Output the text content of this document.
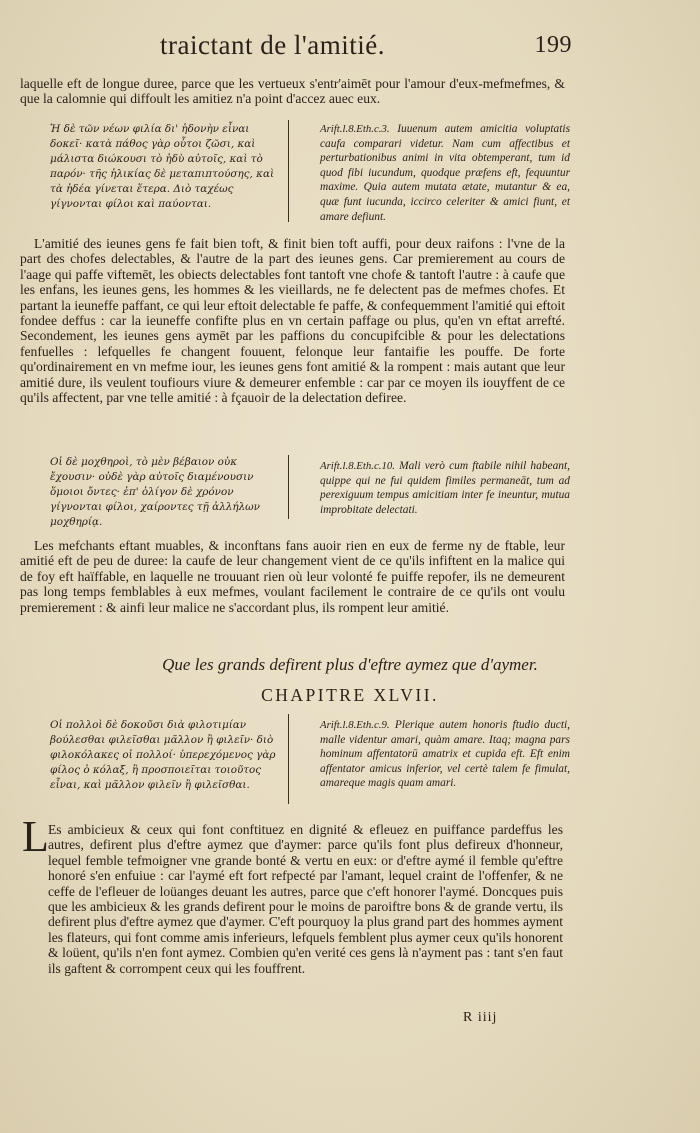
traictant de l'amitié.	199

laquelle eft de longue duree, parce que les vertueux s'entr'aimēt pour l'amour d'eux-mefmefmes, & que la calomnie qui diffoult les amitiez n'a point d'accez auec eux.

Ἡ δὲ τῶν νέων φιλία δι' ἡδονὴν εἶναι δοκεῖ· κατὰ πάθος γὰρ οὗτοι ζῶσι, καὶ μάλιστα διώκουσι τὸ ἡδὺ αὐτοῖς, καὶ τὸ παρόν· τῆς ἡλικίας δὲ μεταπιπτούσης, καὶ τὰ ἡδέα γίνεται ἕτερα. Διὸ ταχέως γίγνονται φίλοι καὶ παύονται.

Arift.l.8.Eth.c.3. Iuuenum autem amicitia voluptatis caufa comparari videtur. Nam cum affectibus et perturbationibus animi in vita obtemperant, tum id quod fibi iucundum, quodque præfens eft, fequuntur maxime. Quia autem mutata ætate, mutantur & ea, quæ funt iucunda, iccirco celeriter & amici fiunt, et amare defiunt.

L'amitié des ieunes gens fe fait bien toft, & finit bien toft auffi, pour deux raifons : l'vne de la part des chofes delectables, & l'autre de la part des ieunes gens. Car premierement au cours de l'aage qui paffe viftemēt, les obiects delectables font tantoft vne chofe & tantoft l'autre : à caufe que les enfans, les ieunes gens, les hommes & les vieillards, ne fe delectent pas de mefmes chofes. Et partant la ieuneffe paffant, ce qui leur eftoit delectable fe paffe, & confequemment l'amitié qui eftoit fondee deffus : car la ieuneffe confifte plus en vn certain paffage ou plus, qu'en vn eftat arrefté. Secondement, les ieunes gens aymēt par les paffions du concupifcible & pour les delectations fenfuelles : lefquelles fe changent fouuent, felonque leur fantaifie les pouffe. De forte qu'ordinairement en vn mefme iour, les ieunes gens font amitié & la rompent : mais autant que leur amitié dure, ils veulent toufiours viure & demeurer enfemble : car par ce moyen ils iouyffent de ce qu'ils affectent, par vne telle amitié : à fçauoir de la delectation defiree.

Οἱ δὲ μοχθηροὶ, τὸ μὲν βέβαιον οὐκ ἔχουσιν· οὐδὲ γὰρ αὐτοῖς διαμένουσιν ὅμοιοι ὄντες· ἐπ' ὀλίγον δὲ χρόνον γίγνονται φίλοι, χαίροντες τῇ ἀλλήλων μοχθηρίᾳ.

Arift.l.8.Eth.c.10. Mali verò cum ftabile nihil habeant, quippe qui ne fui quidem fimiles permaneāt, tum ad perexiguum tempus amicitiam inter fe ineuntur, mutua improbitate delectati.

Les mefchants eftant muables, & inconftans fans auoir rien en eux de ferme ny de ftable, leur amitié eft de peu de duree: la caufe de leur changement vient de ce qu'ils infiftent en la malice qui de foy eft haïffable, en laquelle ne trouuant rien où leur volonté fe puiffe repofer, ils ne demeurent pas long temps femblables à eux mefmes, voulant facilement le contraire de ce qu'ils ont voulu premierement : & ainfi leur malice ne s'accordant plus, ils rompent leur amitié.

Que les grands defirent plus d'eftre aymez que d'aymer.

CHAPITRE XLVII.

Οἱ πολλοὶ δὲ δοκοῦσι διὰ φιλοτιμίαν βούλεσθαι φιλεῖσθαι μᾶλλον ἢ φιλεῖν· διὸ φιλοκόλακες οἱ πολλοί· ὑπερεχόμενος γὰρ φίλος ὁ κόλαξ, ἢ προσποιεῖται τοιοῦτος εἶναι, καὶ μᾶλλον φιλεῖν ἢ φιλεῖσθαι.

Arift.l.8.Eth.c.9. Plerique autem honoris ftudio ducti, malle videntur amari, quàm amare. Itaq; magna pars hominum affentatorū amatrix et cupida eft. Eft enim affentator amicus inferior, vel certè talem fe fimulat, amareque magis quam amari.

L Es ambicieux & ceux qui font conftituez en dignité & efleuez en puiffance pardeffus les autres, defirent plus d'eftre aymez que d'aymer: parce qu'ils font plus defireux d'honneur, lequel femble tefmoigner vne grande bonté & vertu en eux: or d'eftre aymé il femble qu'eftre honoré s'en enfuiue : car l'aymé eft fort refpecté par l'amant, lequel craint de l'offenfer, & ne ceffe de l'efleuer de loüanges deuant les autres, parce que c'eft honorer l'aymé. Doncques puis que les ambicieux & les grands defirent pour le moins de paroiftre bons & de grande vertu, ils defirent plus d'eftre aymez que d'aymer. C'eft pourquoy la plus grand part des hommes ayment les flateurs, qui font comme amis inferieurs, lefquels femblent plus aymer ceux qu'ils honorent & loüent, qu'ils n'en font aymez. Combien qu'en verité ces gens là n'ayment pas : tant s'en faut ils gaftent & corrompent ceux qui les fouffrent.

R iiij
